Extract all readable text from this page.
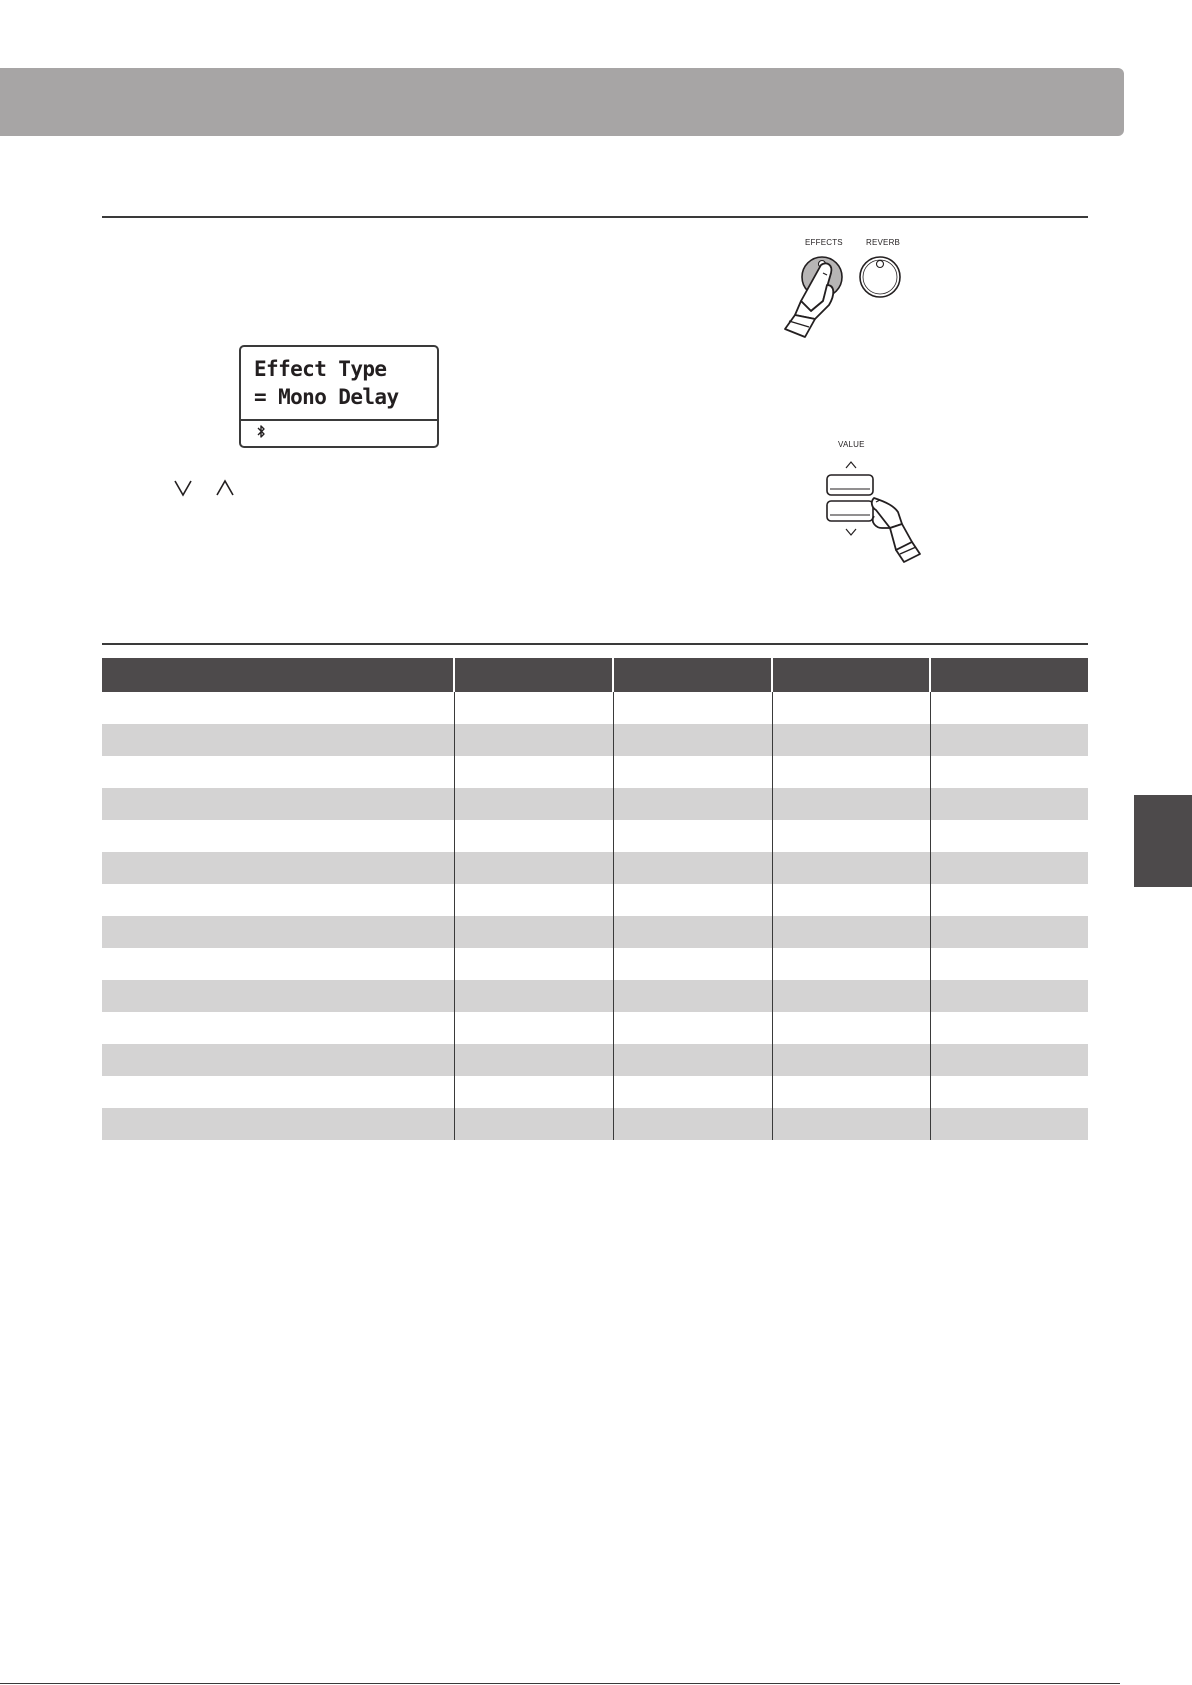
Effect Type
= Mono Delay
EFFECTS	REVERB
VALUE
